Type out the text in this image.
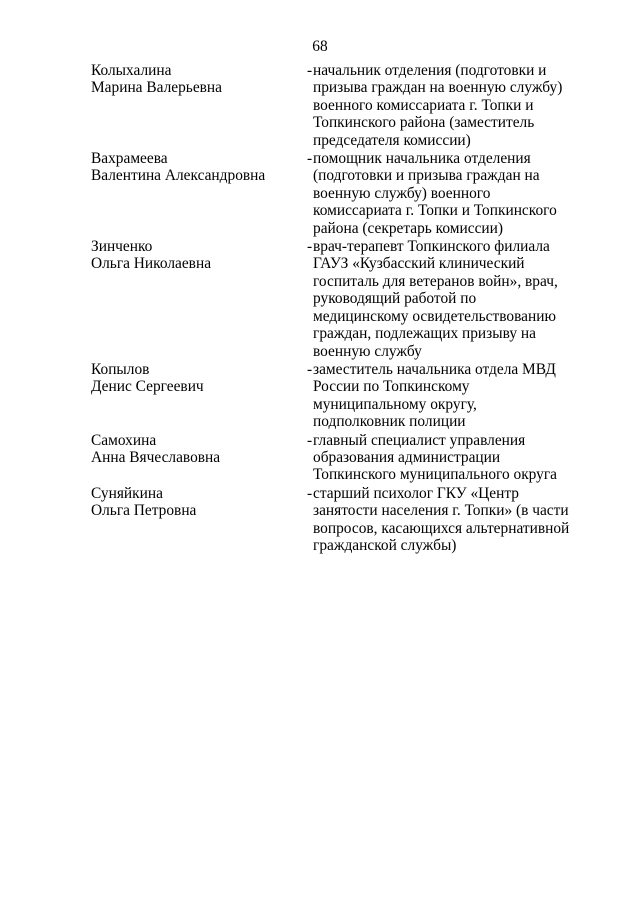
68
Колыхалина
Марина Валерьевна
- начальник отделения (подготовки и
призыва граждан на военную службу)
военного комиссариата г. Топки и
Топкинского района (заместитель
председателя комиссии)
Вахрамеева
Валентина Александровна
- помощник начальника отделения
(подготовки и призыва граждан на
военную службу) военного
комиссариата г. Топки и Топкинского
района (секретарь комиссии)
Зинченко
Ольга Николаевна
- врач-терапевт Топкинского филиала
ГАУЗ «Кузбасский клинический
госпиталь для ветеранов войн», врач,
руководящий работой по
медицинскому освидетельствованию
граждан, подлежащих призыву на
военную службу
Копылов
Денис Сергеевич
- заместитель начальника отдела МВД
России по Топкинскому
муниципальному округу,
подполковник полиции
Самохина
Анна Вячеславовна
- главный специалист управления
образования администрации
Топкинского муниципального округа
Суняйкина
Ольга Петровна
- старший психолог ГКУ «Центр
занятости населения г. Топки» (в части
вопросов, касающихся альтернативной
гражданской службы)
